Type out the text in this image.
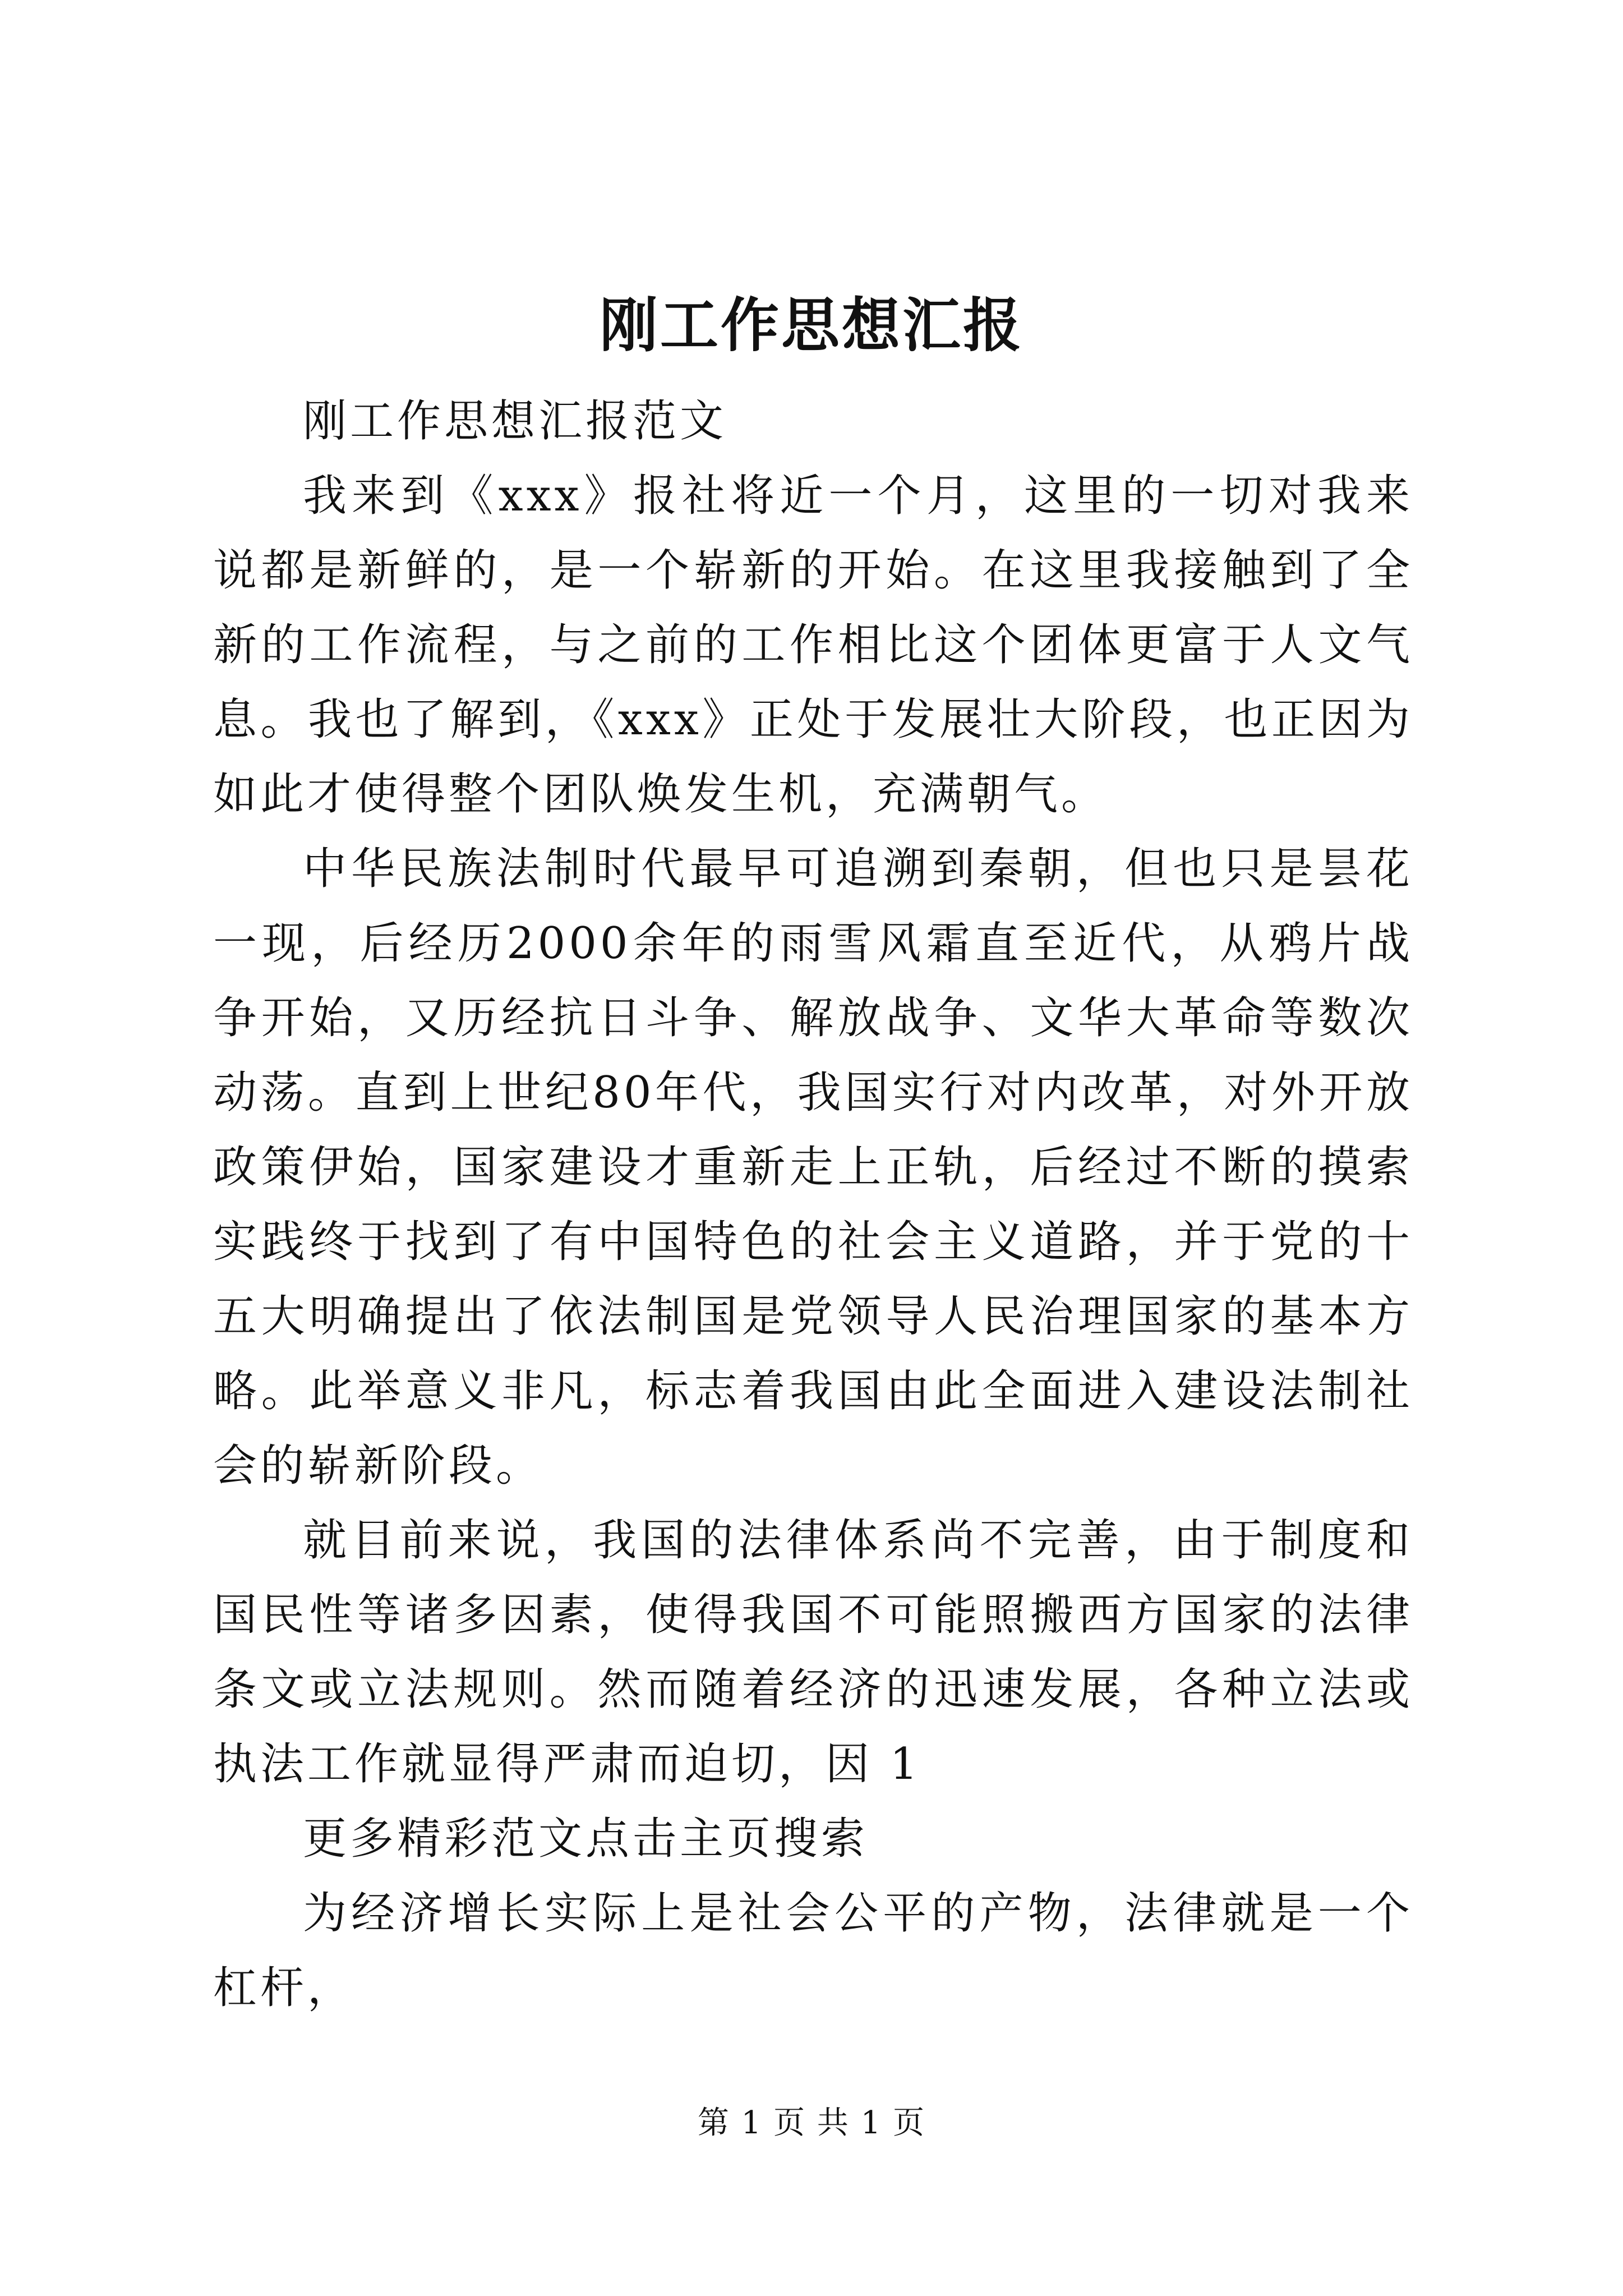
刚工作思想汇报

刚工作思想汇报范文

我来到《xxx》报社将近一个月，这里的一切对我来说都是新鲜的，是一个崭新的开始。在这里我接触到了全新的工作流程，与之前的工作相比这个团体更富于人文气息。我也了解到，《xxx》正处于发展壮大阶段，也正因为如此才使得整个团队焕发生机，充满朝气。

中华民族法制时代最早可追溯到秦朝，但也只是昙花一现，后经历2000余年的雨雪风霜直至近代，从鸦片战争开始，又历经抗日斗争、解放战争、文华大革命等数次动荡。直到上世纪80年代，我国实行对内改革，对外开放政策伊始，国家建设才重新走上正轨，后经过不断的摸索实践终于找到了有中国特色的社会主义道路，并于党的十五大明确提出了依法制国是党领导人民治理国家的基本方略。此举意义非凡，标志着我国由此全面进入建设法制社会的崭新阶段。

就目前来说，我国的法律体系尚不完善，由于制度和国民性等诸多因素，使得我国不可能照搬西方国家的法律条文或立法规则。然而随着经济的迅速发展，各种立法或执法工作就显得严肃而迫切，因 1

更多精彩范文点击主页搜索

为经济增长实际上是社会公平的产物，法律就是一个杠杆，

第 1 页 共 1 页
